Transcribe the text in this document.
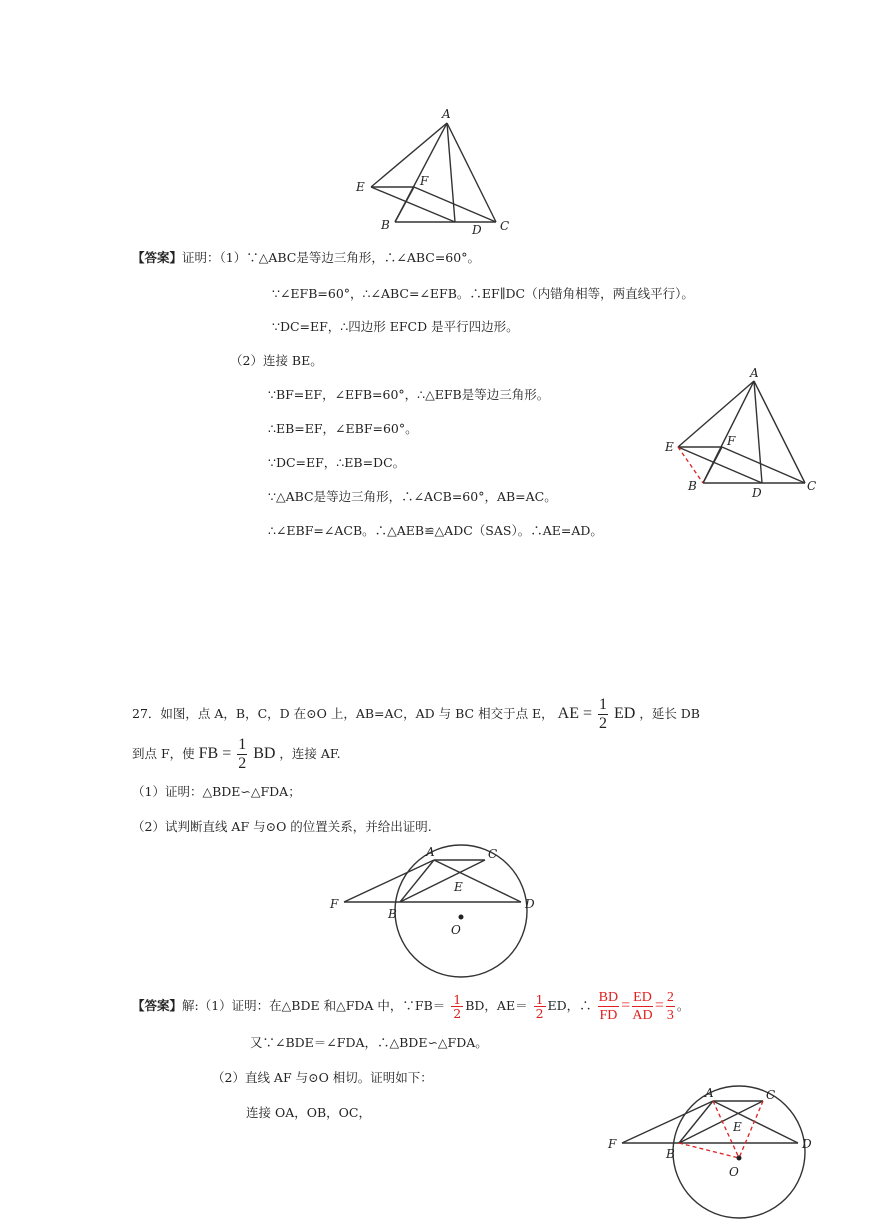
A
E	F
B	D C
A
E	F
B	D	C
【答案】证明：（1）∵△ABC是等边三角形，∴∠ABC=60°。
∵∠EFB=60°，∴∠ABC=∠EFB。∴EF∥DC（内错角相等，两直线平行）。
∵DC=EF，∴四边形 EFCD 是平行四边形。
（2）连接 BE。
∵BF=EF，∠EFB=60°，∴△EFB是等边三角形。
∴EB=EF，∠EBF=60°。
∵DC=EF，∴EB=DC。
∵△ABC是等边三角形，∴∠ACB=60°，AB=AC。
∴∠EBF=∠ACB。∴△AEB≌△ADC（SAS）。∴AE=AD。
27．如图，点 A，B，C，D 在⊙O 上，AB=AC，AD 与 BC 相交于点 E， AE = $\frac{1}{2}$ ED ，延长 DB
到点 F，使 FB = $\frac{1}{2}$ BD ，连接 AF.
（1）证明：△BDE∽△FDA；
（2）试判断直线 AF 与⊙O 的位置关系，并给出证明.
A	C
E
F
B
D
O
【答案】解:（1）证明：在△BDE 和△FDA 中，∵FB＝ $\frac{1}{2}$ BD，$AE= \frac{1}{2}$ ED，∴ $\frac{BD}{FD} = \frac{ED}{AD} = \frac{2}{3}$ 。
又∵∠BDE＝∠FDA，∴△BDE∽△FDA。
（2）直线 AF 与⊙O 相切。证明如下：
连接 OA，OB，OC，
A	C
E
F
B
D
O
